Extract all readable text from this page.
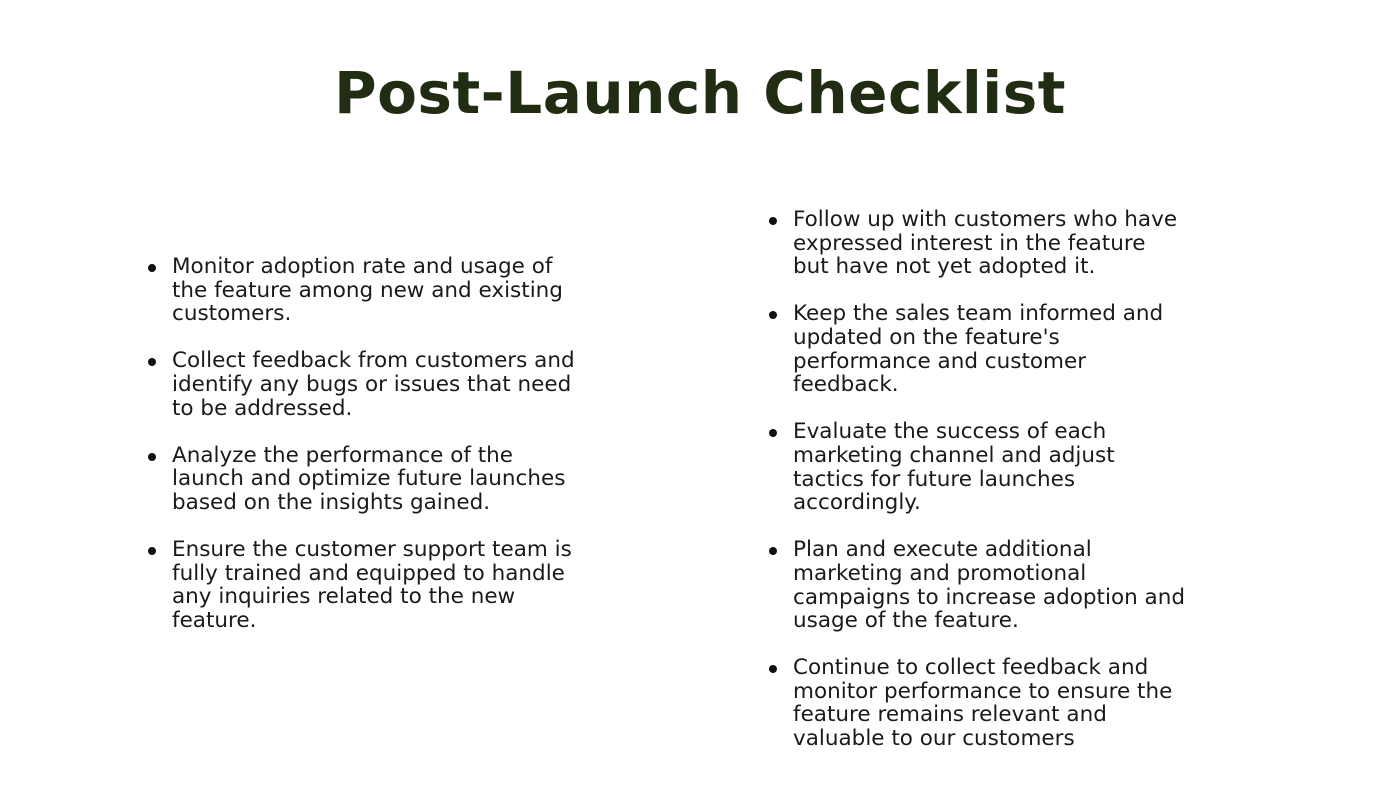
Post-Launch Checklist
Monitor adoption rate and usage of the feature among new and existing customers.
Collect feedback from customers and identify any bugs or issues that need to be addressed.
Analyze the performance of the launch and optimize future launches based on the insights gained.
Ensure the customer support team is fully trained and equipped to handle any inquiries related to the new feature.
Follow up with customers who have expressed interest in the feature but have not yet adopted it.
Keep the sales team informed and updated on the feature's performance and customer feedback.
Evaluate the success of each marketing channel and adjust tactics for future launches accordingly.
Plan and execute additional marketing and promotional campaigns to increase adoption and usage of the feature.
Continue to collect feedback and monitor performance to ensure the feature remains relevant and valuable to our customers
